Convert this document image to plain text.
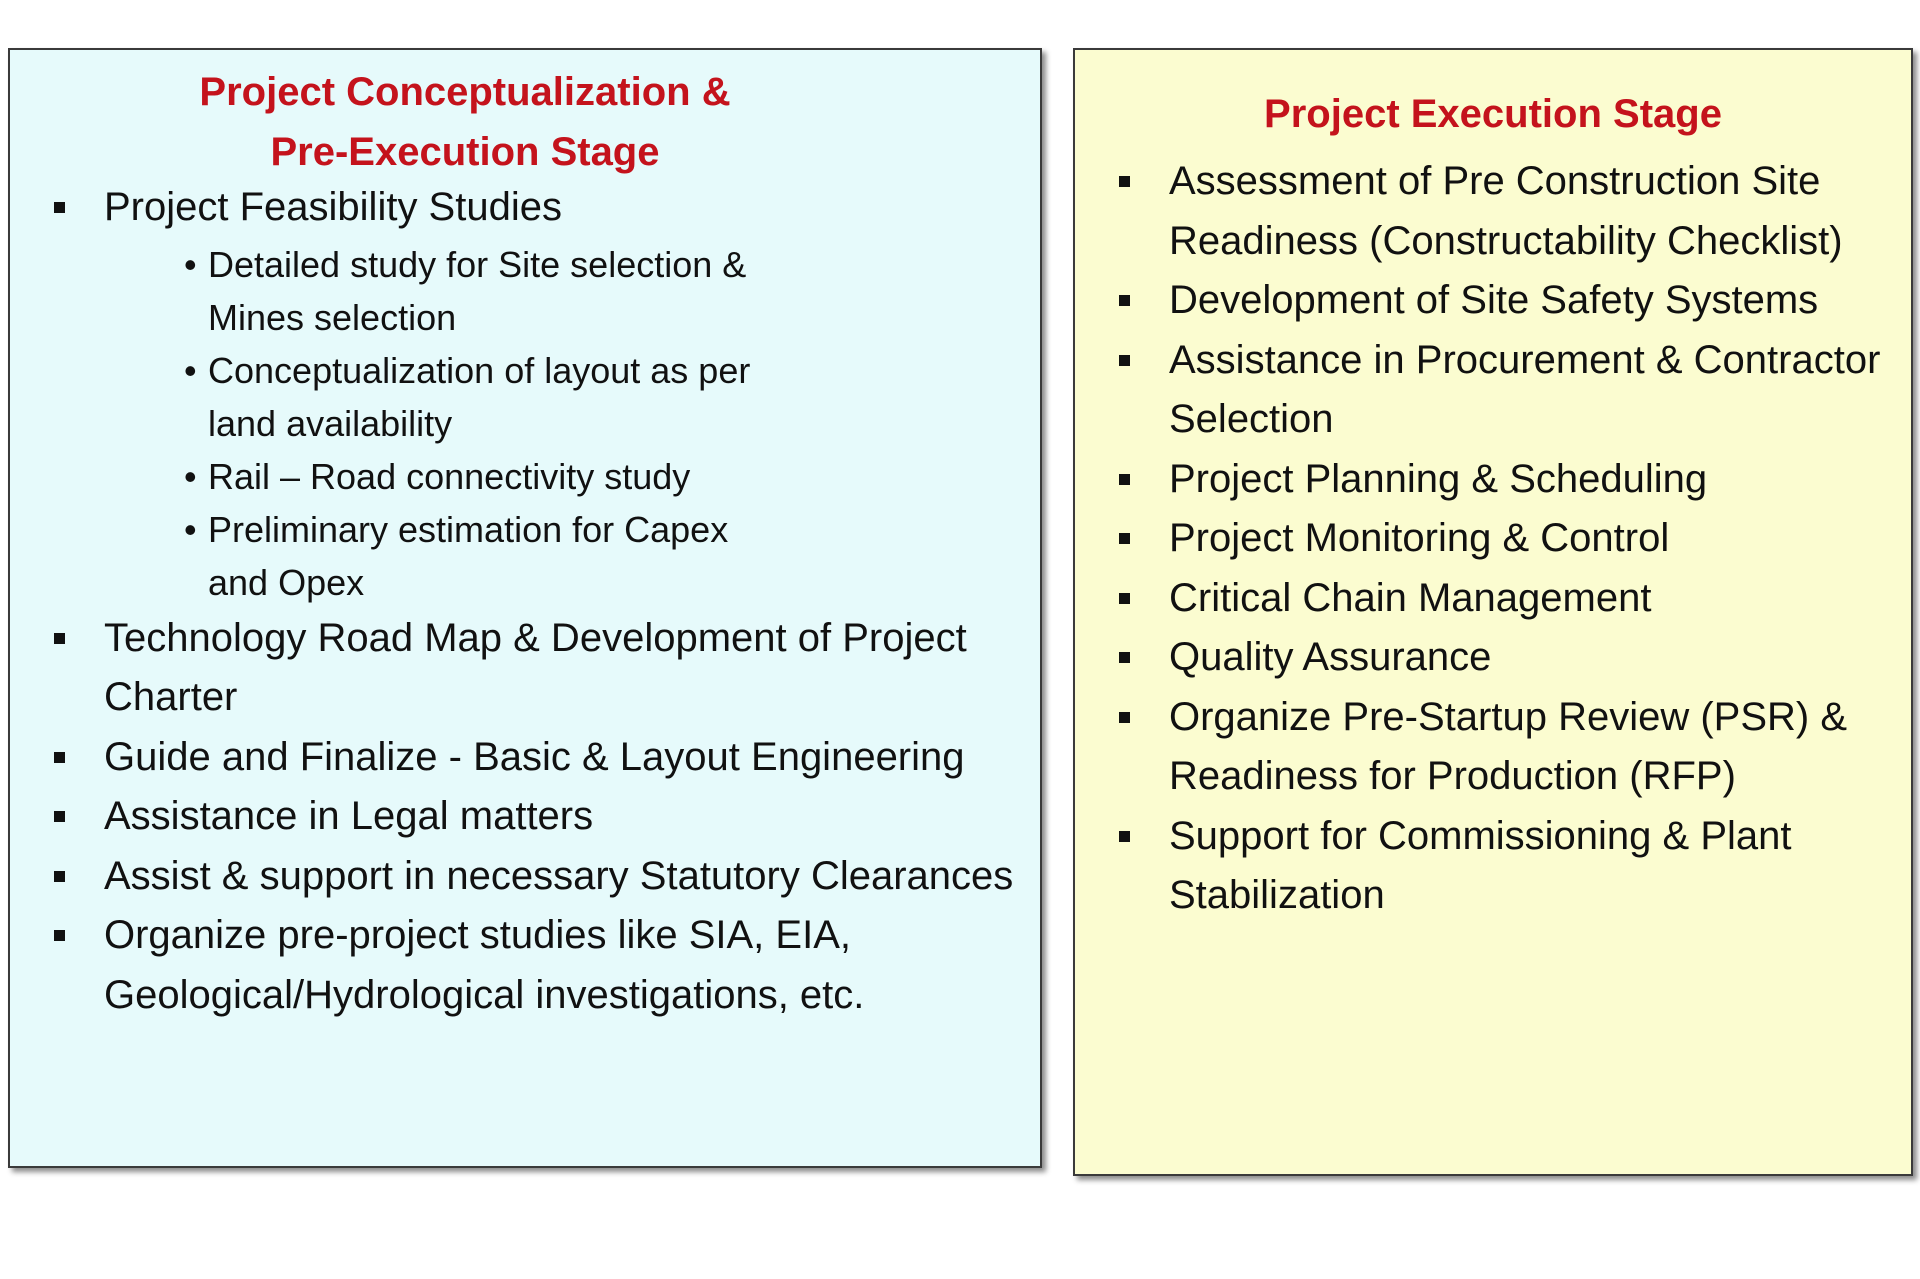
Project Conceptualization &
Pre-Execution Stage
Project Feasibility Studies
• Detailed study for Site selection & Mines selection
• Conceptualization of layout as per land availability
• Rail – Road connectivity study
• Preliminary estimation for Capex and Opex
Technology Road Map & Development of Project Charter
Guide and Finalize - Basic & Layout Engineering
Assistance in Legal matters
Assist & support in necessary Statutory Clearances
Organize pre-project studies like SIA, EIA, Geological/Hydrological investigations, etc.
Project Execution Stage
Assessment of Pre Construction Site Readiness (Constructability Checklist)
Development of Site Safety Systems
Assistance in Procurement & Contractor Selection
Project Planning & Scheduling
Project Monitoring & Control
Critical Chain Management
Quality Assurance
Organize Pre-Startup Review (PSR) & Readiness for Production (RFP)
Support for Commissioning & Plant Stabilization
